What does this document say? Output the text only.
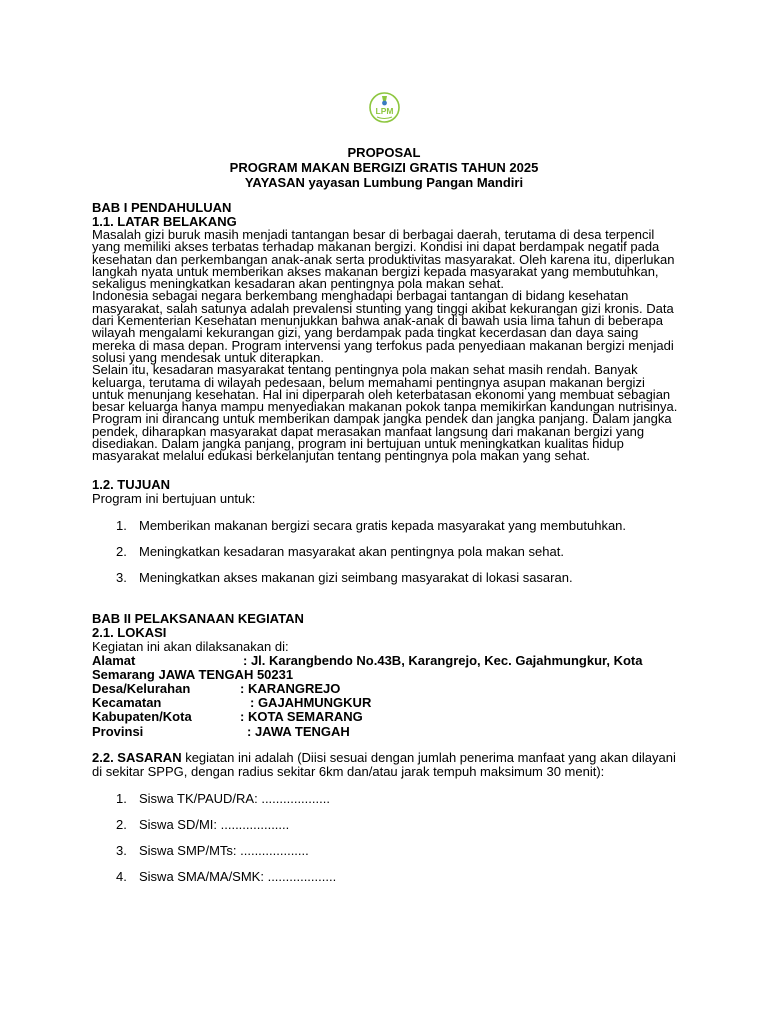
LPM
PROPOSAL
PROGRAM MAKAN BERGIZI GRATIS TAHUN 2025
YAYASAN yayasan Lumbung Pangan Mandiri
BAB I PENDAHULUAN
1.1. LATAR BELAKANG
Masalah gizi buruk masih menjadi tantangan besar di berbagai daerah, terutama di desa terpencil
yang memiliki akses terbatas terhadap makanan bergizi. Kondisi ini dapat berdampak negatif pada
kesehatan dan perkembangan anak-anak serta produktivitas masyarakat. Oleh karena itu, diperlukan
langkah nyata untuk memberikan akses makanan bergizi kepada masyarakat yang membutuhkan,
sekaligus meningkatkan kesadaran akan pentingnya pola makan sehat.
Indonesia sebagai negara berkembang menghadapi berbagai tantangan di bidang kesehatan
masyarakat, salah satunya adalah prevalensi stunting yang tinggi akibat kekurangan gizi kronis. Data
dari Kementerian Kesehatan menunjukkan bahwa anak-anak di bawah usia lima tahun di beberapa
wilayah mengalami kekurangan gizi, yang berdampak pada tingkat kecerdasan dan daya saing
mereka di masa depan. Program intervensi yang terfokus pada penyediaan makanan bergizi menjadi
solusi yang mendesak untuk diterapkan.
Selain itu, kesadaran masyarakat tentang pentingnya pola makan sehat masih rendah. Banyak
keluarga, terutama di wilayah pedesaan, belum memahami pentingnya asupan makanan bergizi
untuk menunjang kesehatan. Hal ini diperparah oleh keterbatasan ekonomi yang membuat sebagian
besar keluarga hanya mampu menyediakan makanan pokok tanpa memikirkan kandungan nutrisinya.
Program ini dirancang untuk memberikan dampak jangka pendek dan jangka panjang. Dalam jangka
pendek, diharapkan masyarakat dapat merasakan manfaat langsung dari makanan bergizi yang
disediakan. Dalam jangka panjang, program ini bertujuan untuk meningkatkan kualitas hidup
masyarakat melalui edukasi berkelanjutan tentang pentingnya pola makan yang sehat.
1.2. TUJUAN
Program ini bertujuan untuk:
1. Memberikan makanan bergizi secara gratis kepada masyarakat yang membutuhkan.
2. Meningkatkan kesadaran masyarakat akan pentingnya pola makan sehat.
3. Meningkatkan akses makanan gizi seimbang masyarakat di lokasi sasaran.
BAB II PELAKSANAAN KEGIATAN
2.1. LOKASI
Kegiatan ini akan dilaksanakan di:
Alamat	: Jl. Karangbendo No.43B, Karangrejo, Kec. Gajahmungkur, Kota
Semarang JAWA TENGAH 50231
Desa/Kelurahan	: KARANGREJO
Kecamatan	: GAJAHMUNGKUR
Kabupaten/Kota	: KOTA SEMARANG
Provinsi	: JAWA TENGAH
2.2. SASARAN kegiatan ini adalah (Diisi sesuai dengan jumlah penerima manfaat yang akan dilayani
di sekitar SPPG, dengan radius sekitar 6km dan/atau jarak tempuh maksimum 30 menit):
1. Siswa TK/PAUD/RA: ...................
2. Siswa SD/MI: ...................
3. Siswa SMP/MTs: ...................
4. Siswa SMA/MA/SMK: ...................
